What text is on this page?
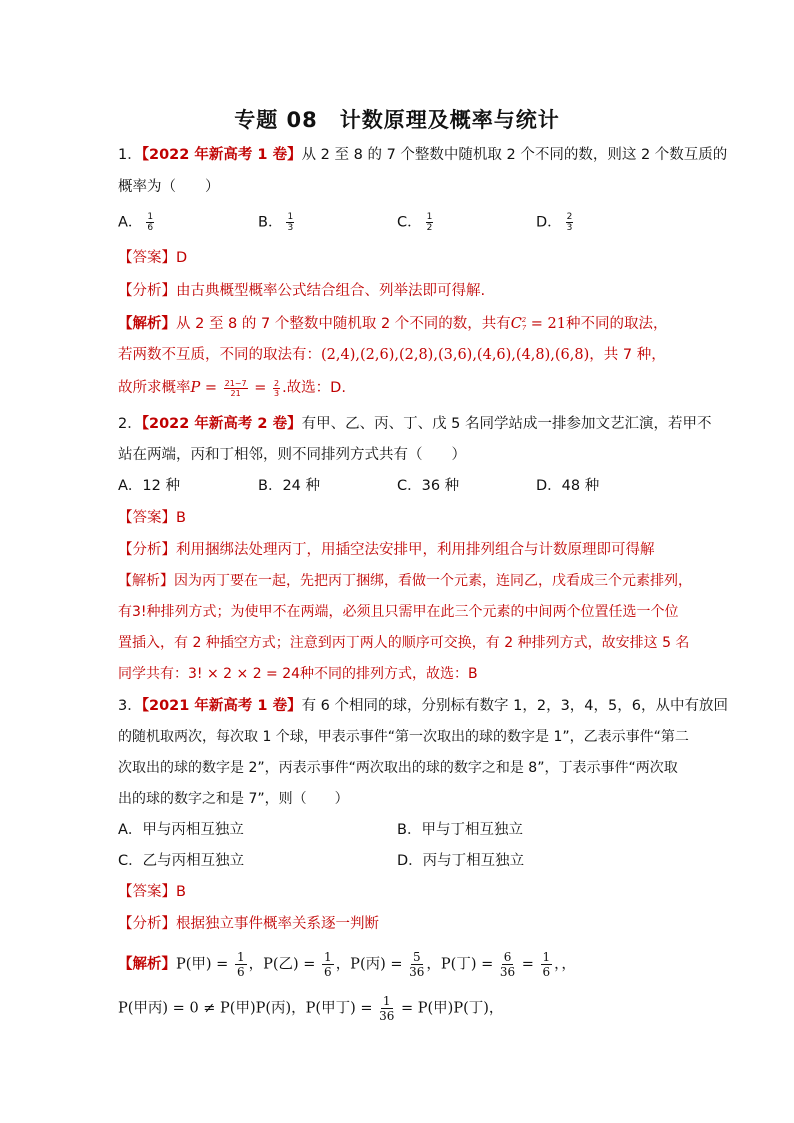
专题 08　计数原理及概率与统计
1．【2022 年新高考 1 卷】从 2 至 8 的 7 个整数中随机取 2 个不同的数，则这 2 个数互质的
概率为（　　）
A． $\frac{1}{6}$	B． $\frac{1}{3}$	C． $\frac{1}{2}$	D． $\frac{2}{3}$
【答案】D
【分析】由古典概型概率公式结合组合、列举法即可得解.
【解析】从 2 至 8 的 7 个整数中随机取 2 个不同的数，共有C 2
7 = 21种不同的取法，
若两数不互质，不同的取法有：(2,4),(2,6),(2,8),(3,6),(4,6),(4,8),(6,8)，共 7 种，
故所求概率$P = \frac{21-7}{21} = \frac{2}{3}$ .故选：D.
2．【2022 年新高考 2 卷】有甲、乙、丙、丁、戊 5 名同学站成一排参加文艺汇演，若甲不
站在两端，丙和丁相邻，则不同排列方式共有（　　）
A．12 种	B．24 种	C．36 种	D．48 种
【答案】B
【分析】利用捆绑法处理丙丁，用插空法安排甲，利用排列组合与计数原理即可得解
【解析】因为丙丁要在一起，先把丙丁捆绑，看做一个元素，连同乙，戊看成三个元素排列，
有3!种排列方式；为使甲不在两端，必须且只需甲在此三个元素的中间两个位置任选一个位
置插入，有 2 种插空方式；注意到丙丁两人的顺序可交换，有 2 种排列方式，故安排这 5 名
同学共有：3! × 2 × 2 = 24种不同的排列方式，故选：B
3．【2021 年新高考 1 卷】有 6 个相同的球，分别标有数字 1，2，3，4，5，6，从中有放回
的随机取两次，每次取 1 个球，甲表示事件“第一次取出的球的数字是 1”，乙表示事件“第二
次取出的球的数字是 2”，丙表示事件“两次取出的球的数字之和是 8”，丁表示事件“两次取
出的球的数字之和是 7”，则（　　）
A．甲与丙相互独立	B．甲与丁相互独立
C．乙与丙相互独立	D．丙与丁相互独立
【答案】B
【分析】根据独立事件概率关系逐一判断
【解析】P(甲) = $\frac{1}{6}$ ，P(乙) = $\frac{1}{6}$ ，P(丙) = $\frac{5}{36}$ ，P(丁) = $\frac{6}{36} = \frac{1}{6}$ ，，
P(甲丙) = 0 ≠ P(甲)P(丙)，P(甲丁) = $\frac{1}{36} = P$(甲)P(丁)，
